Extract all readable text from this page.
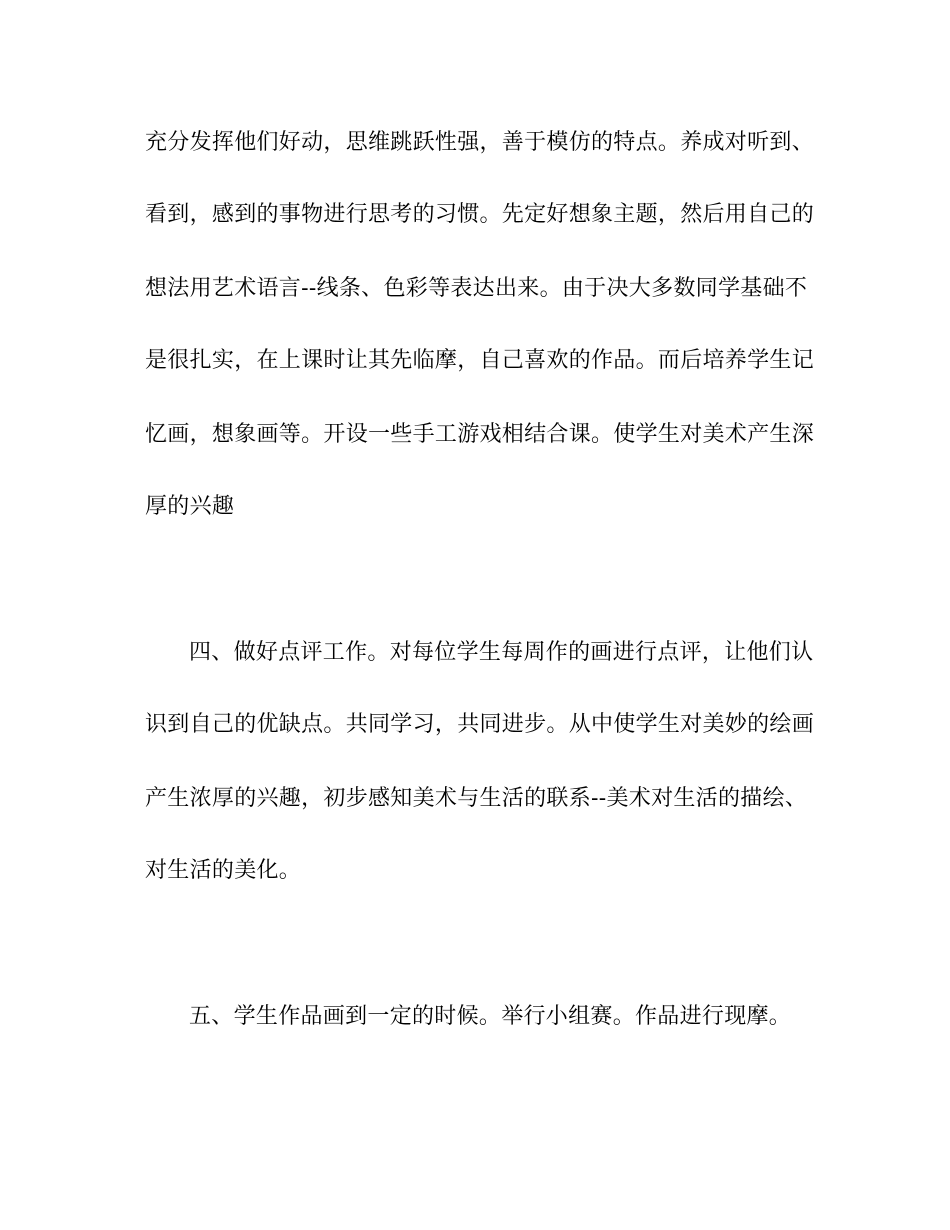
充分发挥他们好动，思维跳跃性强，善于模仿的特点。养成对听到、
看到，感到的事物进行思考的习惯。先定好想象主题，然后用自己的
想法用艺术语言--线条、色彩等表达出来。由于决大多数同学基础不
是很扎实，在上课时让其先临摩，自己喜欢的作品。而后培养学生记
忆画，想象画等。开设一些手工游戏相结合课。使学生对美术产生深
厚的兴趣
四、做好点评工作。对每位学生每周作的画进行点评，让他们认
识到自己的优缺点。共同学习，共同进步。从中使学生对美妙的绘画
产生浓厚的兴趣，初步感知美术与生活的联系--美术对生活的描绘、
对生活的美化。
五、学生作品画到一定的时候。举行小组赛。作品进行现摩。
